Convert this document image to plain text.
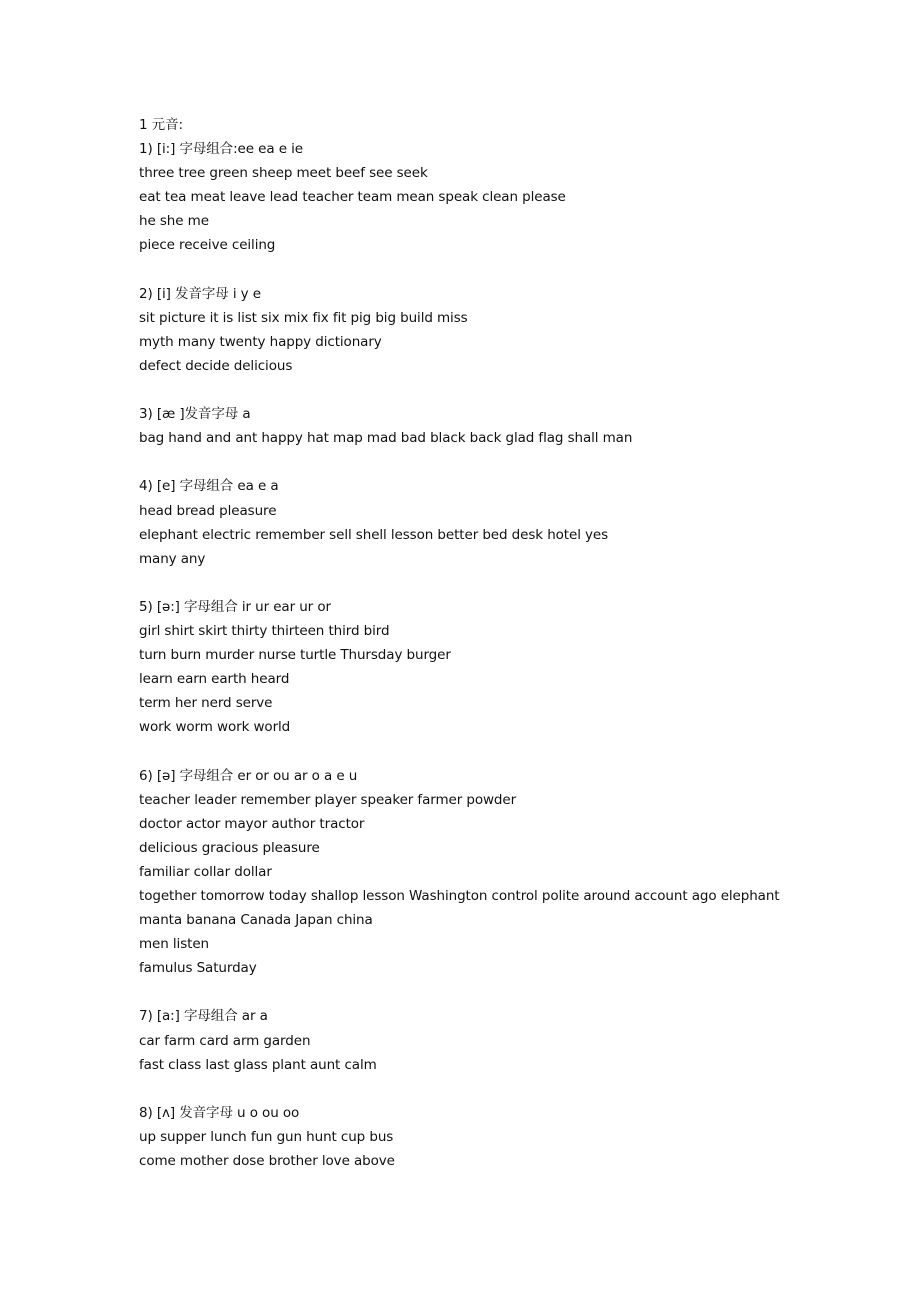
1 元音:
1) [i:] 字母组合:ee ea e ie
three tree green sheep meet beef see seek
eat tea meat leave lead teacher team mean speak clean please
he she me
piece receive ceiling
2) [i] 发音字母 i y e
sit picture it is list six mix fix fit pig big build miss
myth many twenty happy dictionary
defect decide delicious
3) [æ ]发音字母 a
bag hand and ant happy hat map mad bad black back glad flag shall man
4) [e] 字母组合 ea e a
head bread pleasure
elephant electric remember sell shell lesson better bed desk hotel yes
many any
5) [ə:] 字母组合 ir ur ear ur or
girl shirt skirt thirty thirteen third bird
turn burn murder nurse turtle Thursday burger
learn earn earth heard
term her nerd serve
work worm work world
6) [ə] 字母组合 er or ou ar o a e u
teacher leader remember player speaker farmer powder
doctor actor mayor author tractor
delicious gracious pleasure
familiar collar dollar
together tomorrow today shallop lesson Washington control polite around account ago elephant
manta banana Canada Japan china
men listen
famulus Saturday
7) [a:] 字母组合 ar a
car farm card arm garden
fast class last glass plant aunt calm
8) [ʌ] 发音字母 u o ou oo
up supper lunch fun gun hunt cup bus
come mother dose brother love above
